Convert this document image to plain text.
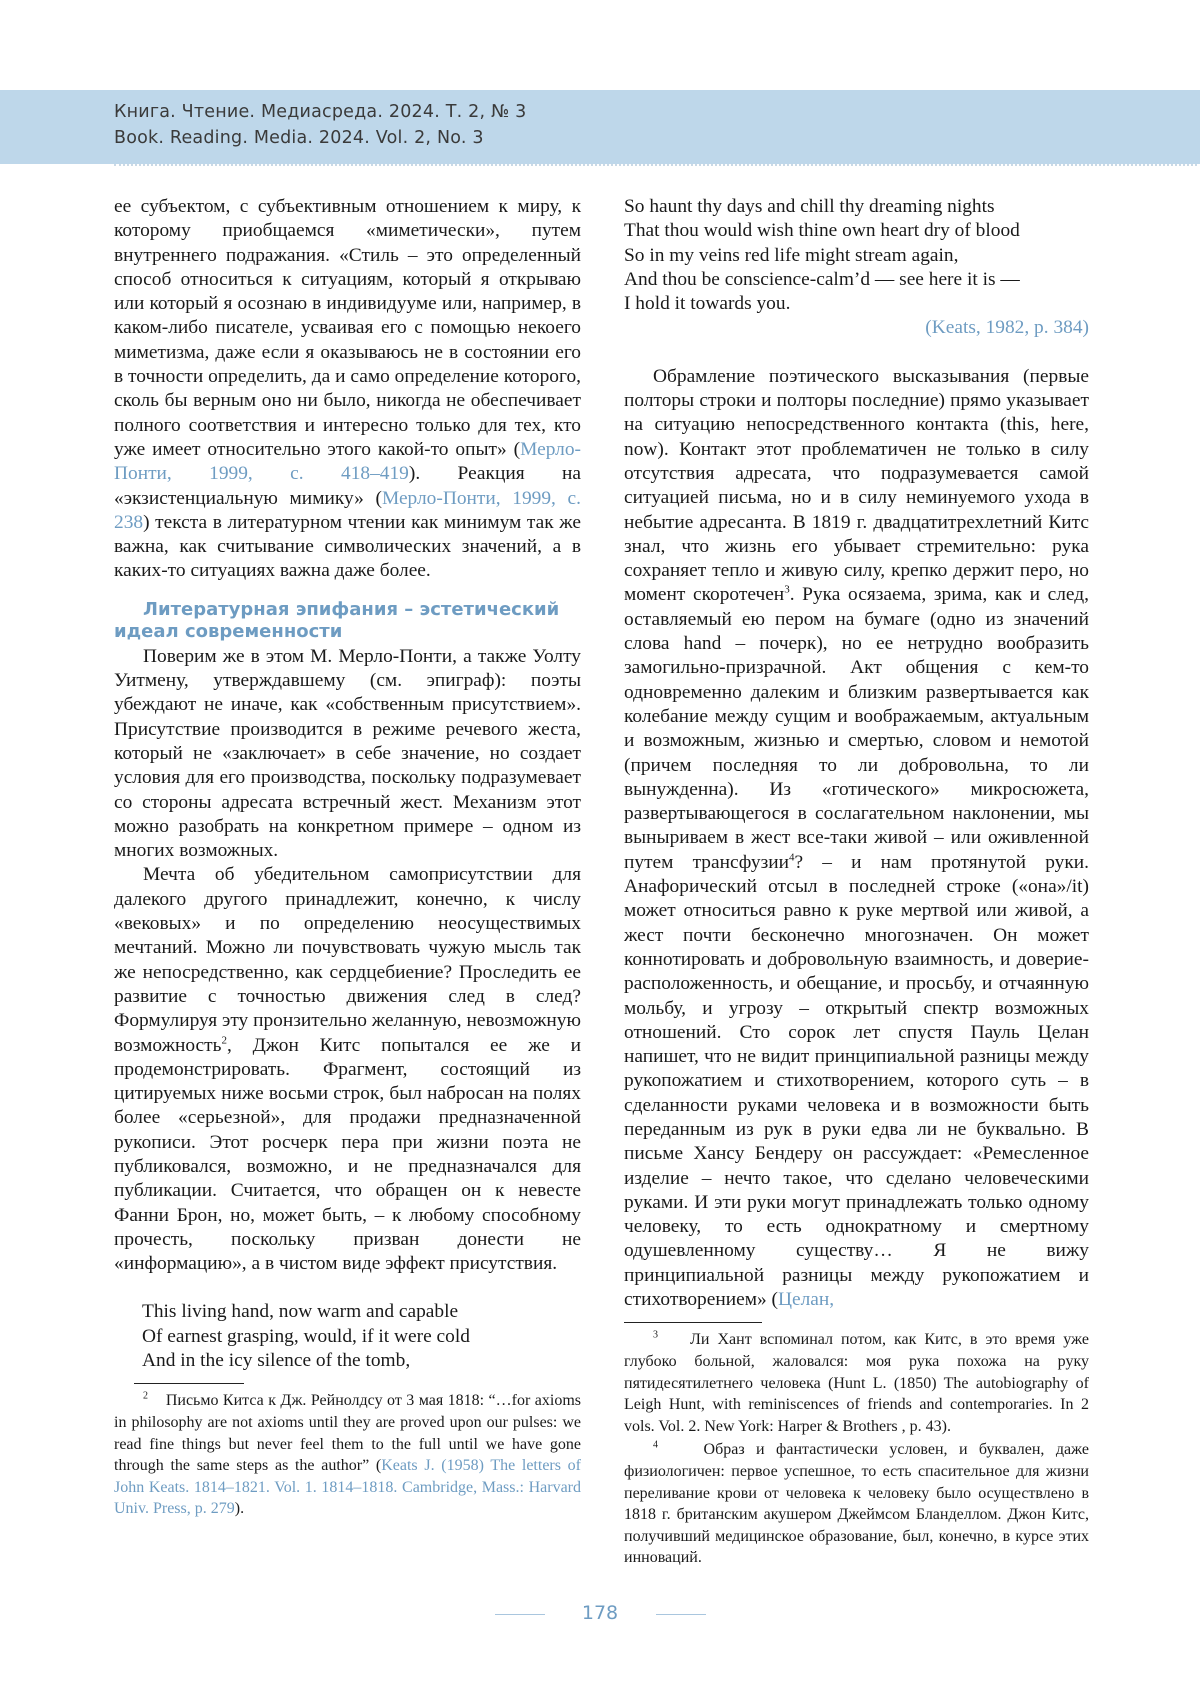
Книга. Чтение. Медиасреда. 2024. Т. 2, № 3
Book. Reading. Media. 2024. Vol. 2, No. 3

ее субъектом, с субъективным отношением к миру, к которому приобщаемся «миметически», путем внутреннего подражания. «Стиль – это определенный способ относиться к ситуациям, который я открываю или который я осознаю в индивидууме или, например, в каком-либо писателе, усваивая его с помощью некоего миметизма, даже если я оказываюсь не в состоянии его в точности определить, да и само определение которого, сколь бы верным оно ни было, никогда не обеспечивает полного соответствия и интересно только для тех, кто уже имеет относительно этого какой-то опыт» (Мерло-Понти, 1999, с. 418–419). Реакция на «экзистенциальную мимику» (Мерло-Понти, 1999, с. 238) текста в литературном чтении как минимум так же важна, как считывание символических значений, а в каких-то ситуациях важна даже более.

Литературная эпифания – эстетический
идеал современности

Поверим же в этом М. Мерло-Понти, а также Уолту Уитмену, утверждавшему (см. эпиграф): поэты убеждают не иначе, как «собственным присутствием». Присутствие производится в режиме речевого жеста, который не «заключает» в себе значение, но создает условия для его производства, поскольку подразумевает со стороны адресата встречный жест. Механизм этот можно разобрать на конкретном примере – одном из многих возможных.

Мечта об убедительном самоприсутствии для далекого другого принадлежит, конечно, к числу «вековых» и по определению неосуществимых мечтаний. Можно ли почувствовать чужую мысль так же непосредственно, как сердцебиение? Проследить ее развитие с точностью движения след в след? Формулируя эту пронзительно желанную, невозможную возможность2, Джон Китс попытался ее же и продемонстрировать. Фрагмент, состоящий из цитируемых ниже восьми строк, был набросан на полях более «серьезной», для продажи предназначенной рукописи. Этот росчерк пера при жизни поэта не публиковался, возможно, и не предназначался для публикации. Считается, что обращен он к невесте Фанни Брон, но, может быть, – к любому способному прочесть, поскольку призван донести не «информацию», а в чистом виде эффект присутствия.

This living hand, now warm and capable
Of earnest grasping, would, if it were cold
And in the icy silence of the tomb,
2 Письмо Китса к Дж. Рейнолдсу от 3 мая 1818: “…for axioms in philosophy are not axioms until they are proved upon our pulses: we read fine things but never feel them to the full until we have gone through the same steps as the author” (Keats J. (1958) The letters of John Keats. 1814–1821. Vol. 1. 1814–1818. Cambridge, Mass.: Harvard Univ. Press, p. 279).
So haunt thy days and chill thy dreaming nights
That thou would wish thine own heart dry of blood
So in my veins red life might stream again,
And thou be conscience-calm’d — see here it is —
I hold it towards you.
(Keats, 1982, p. 384)

Обрамление поэтического высказывания (первые полторы строки и полторы последние) прямо указывает на ситуацию непосредственного контакта (this, here, now). Контакт этот проблематичен не только в силу отсутствия адресата, что подразумевается самой ситуацией письма, но и в силу неминуемого ухода в небытие адресанта. В 1819 г. двадцатитрехлетний Китс знал, что жизнь его убывает стремительно: рука сохраняет тепло и живую силу, крепко держит перо, но момент скоротечен3. Рука осязаема, зрима, как и след, оставляемый ею пером на бумаге (одно из значений слова hand – почерк), но ее нетрудно вообразить замогильно-призрачной. Акт общения с кем-то одновременно далеким и близким развертывается как колебание между сущим и воображаемым, актуальным и возможным, жизнью и смертью, словом и немотой (причем последняя то ли добровольна, то ли вынужденна). Из «готического» микросюжета, развертывающегося в сослагательном наклонении, мы выныриваем в жест все-таки живой – или оживленной путем трансфузии4? – и нам протянутой руки. Анафорический отсыл в последней строке («она»/it) может относиться равно к руке мертвой или живой, а жест почти бесконечно многозначен. Он может коннотировать и добровольную взаимность, и доверие-расположенность, и обещание, и просьбу, и отчаянную мольбу, и угрозу – открытый спектр возможных отношений. Сто сорок лет спустя Пауль Целан напишет, что не видит принципиальной разницы между рукопожатием и стихотворением, которого суть – в сделанности руками человека и в возможности быть переданным из рук в руки едва ли не буквально. В письме Хансу Бендеру он рассуждает: «Ремесленное изделие – нечто такое, что сделано человеческими руками. И эти руки могут принадлежать только одному человеку, то есть однократному и смертному одушевленному существу… Я не вижу принципиальной разницы между рукопожатием и стихотворением» (Целан,

3 Ли Хант вспоминал потом, как Китс, в это время уже глубоко больной, жаловался: моя рука похожа на руку пятидесятилетнего человека (Hunt L. (1850) The autobiography of Leigh Hunt, with reminiscences of friends and contemporaries. In 2 vols. Vol. 2. New York: Harper & Brothers , p. 43).
4	Образ и фантастически условен, и буквален, даже физиологичен: первое успешное, то есть спасительное для жизни переливание крови от человека к человеку было осуществлено в 1818 г. британским акушером Джеймсом Бланделлом. Джон Китс, получивший медицинское образование, был, конечно, в курсе этих инноваций.
178
